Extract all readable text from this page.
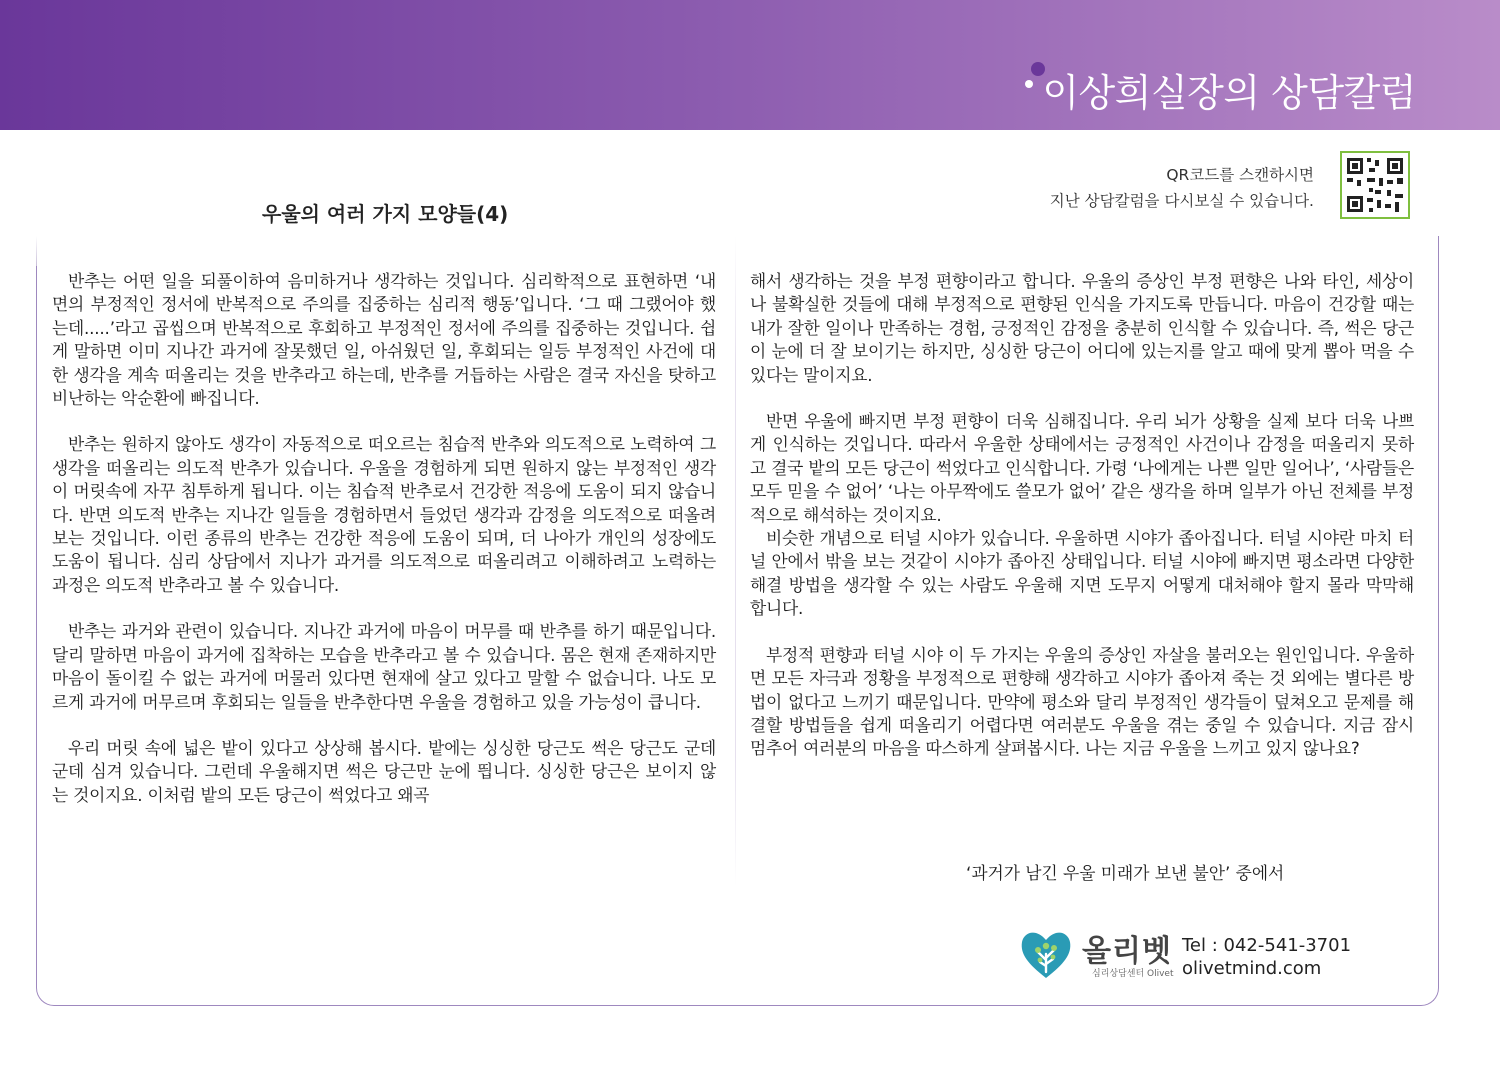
이상희실장의 상담칼럼
QR코드를 스캔하시면
지난 상담칼럼을 다시보실 수 있습니다.
우울의 여러 가지 모양들(4)

반추는 어떤 일을 되풀이하여 음미하거나 생각하는 것입니다. 심리학적으로 표현하면 ‘내면의 부정적인 정서에 반복적으로 주의를 집중하는 심리적 행동’입니다. ‘그 때 그랬어야 했는데.....’라고 곱씹으며 반복적으로 후회하고 부정적인 정서에 주의를 집중하는 것입니다. 쉽게 말하면 이미 지나간 과거에 잘못했던 일, 아쉬웠던 일, 후회되는 일등 부정적인 사건에 대한 생각을 계속 떠올리는 것을 반추라고 하는데, 반추를 거듭하는 사람은 결국 자신을 탓하고 비난하는 악순환에 빠집니다.

반추는 원하지 않아도 생각이 자동적으로 떠오르는 침습적 반추와 의도적으로 노력하여 그 생각을 떠올리는 의도적 반추가 있습니다. 우울을 경험하게 되면 원하지 않는 부정적인 생각이 머릿속에 자꾸 침투하게 됩니다. 이는 침습적 반추로서 건강한 적응에 도움이 되지 않습니다. 반면 의도적 반추는 지나간 일들을 경험하면서 들었던 생각과 감정을 의도적으로 떠올려 보는 것입니다. 이런 종류의 반추는 건강한 적응에 도움이 되며, 더 나아가 개인의 성장에도 도움이 됩니다. 심리 상담에서 지나가 과거를 의도적으로 떠올리려고 이해하려고 노력하는 과정은 의도적 반추라고 볼 수 있습니다.

반추는 과거와 관련이 있습니다. 지나간 과거에 마음이 머무를 때 반추를 하기 때문입니다. 달리 말하면 마음이 과거에 집착하는 모습을 반추라고 볼 수 있습니다. 몸은 현재 존재하지만 마음이 돌이킬 수 없는 과거에 머물러 있다면 현재에 살고 있다고 말할 수 없습니다. 나도 모르게 과거에 머무르며 후회되는 일들을 반추한다면 우울을 경험하고 있을 가능성이 큽니다.

우리 머릿 속에 넓은 밭이 있다고 상상해 봅시다. 밭에는 싱싱한 당근도 썩은 당근도 군데 군데 심겨 있습니다. 그런데 우울해지면 썩은 당근만 눈에 띕니다. 싱싱한 당근은 보이지 않는 것이지요. 이처럼 밭의 모든 당근이 썩었다고 왜곡

해서 생각하는 것을 부정 편향이라고 합니다. 우울의 증상인 부정 편향은 나와 타인, 세상이나 불확실한 것들에 대해 부정적으로 편향된 인식을 가지도록 만듭니다. 마음이 건강할 때는 내가 잘한 일이나 만족하는 경험, 긍정적인 감정을 충분히 인식할 수 있습니다. 즉, 썩은 당근이 눈에 더 잘 보이기는 하지만, 싱싱한 당근이 어디에 있는지를 알고 때에 맞게 뽑아 먹을 수 있다는 말이지요.

반면 우울에 빠지면 부정 편향이 더욱 심해집니다. 우리 뇌가 상황을 실제 보다 더욱 나쁘게 인식하는 것입니다. 따라서 우울한 상태에서는 긍정적인 사건이나 감정을 떠올리지 못하고 결국 밭의 모든 당근이 썩었다고 인식합니다. 가령 ‘나에게는 나쁜 일만 일어나’, ‘사람들은 모두 믿을 수 없어’ ‘나는 아무짝에도 쓸모가 없어’ 같은 생각을 하며 일부가 아닌 전체를 부정적으로 해석하는 것이지요.

비슷한 개념으로 터널 시야가 있습니다. 우울하면 시야가 좁아집니다. 터널 시야란 마치 터널 안에서 밖을 보는 것같이 시야가 좁아진 상태입니다. 터널 시야에 빠지면 평소라면 다양한 해결 방법을 생각할 수 있는 사람도 우울해 지면 도무지 어떻게 대처해야 할지 몰라 막막해 합니다.

부정적 편향과 터널 시야 이 두 가지는 우울의 증상인 자살을 불러오는 원인입니다. 우울하면 모든 자극과 정황을 부정적으로 편향해 생각하고 시야가 좁아져 죽는 것 외에는 별다른 방법이 없다고 느끼기 때문입니다. 만약에 평소와 달리 부정적인 생각들이 덮쳐오고 문제를 해결할 방법들을 쉽게 떠올리기 어렵다면 여러분도 우울을 겪는 중일 수 있습니다. 지금 잠시 멈추어 여러분의 마음을 따스하게 살펴봅시다. 나는 지금 우울을 느끼고 있지 않나요?

‘과거가 남긴 우울 미래가 보낸 불안’ 중에서
올리벳
심리상담센터 Olivet
Tel : 042-541-3701
olivetmind.com
